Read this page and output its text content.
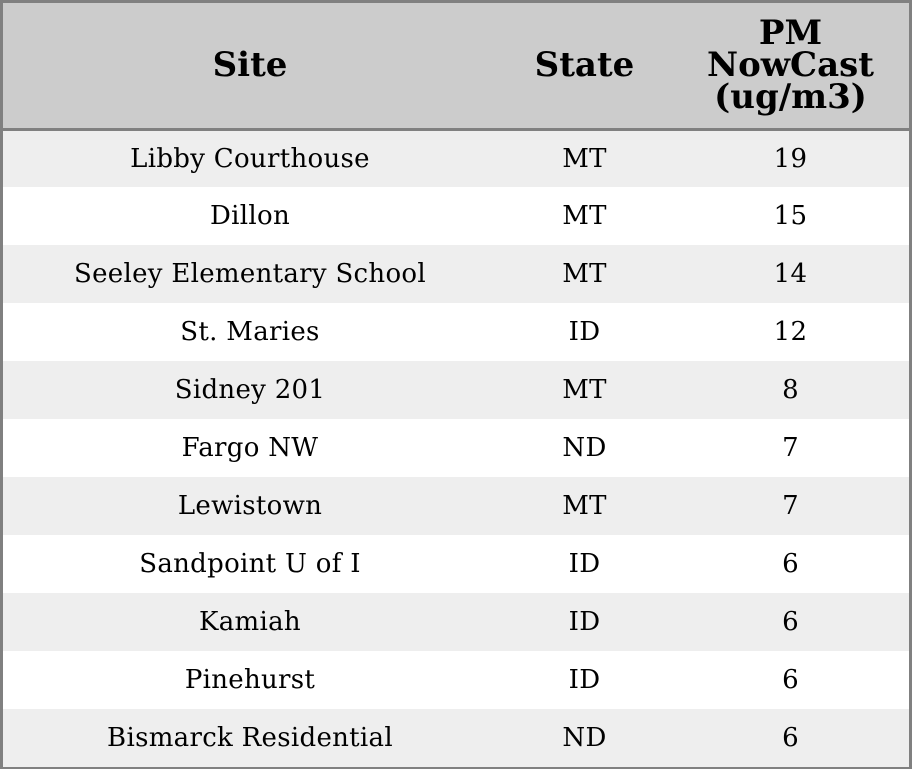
Site	State	PM
NowCast
(ug/m3)
Libby Courthouse	MT	19
Dillon	MT	15
Seeley Elementary School	MT	14
St. Maries	ID	12
Sidney 201	MT	8
Fargo NW	ND	7
Lewistown	MT	7
Sandpoint U of I	ID	6
Kamiah	ID	6
Pinehurst	ID	6
Bismarck Residential	ND	6
